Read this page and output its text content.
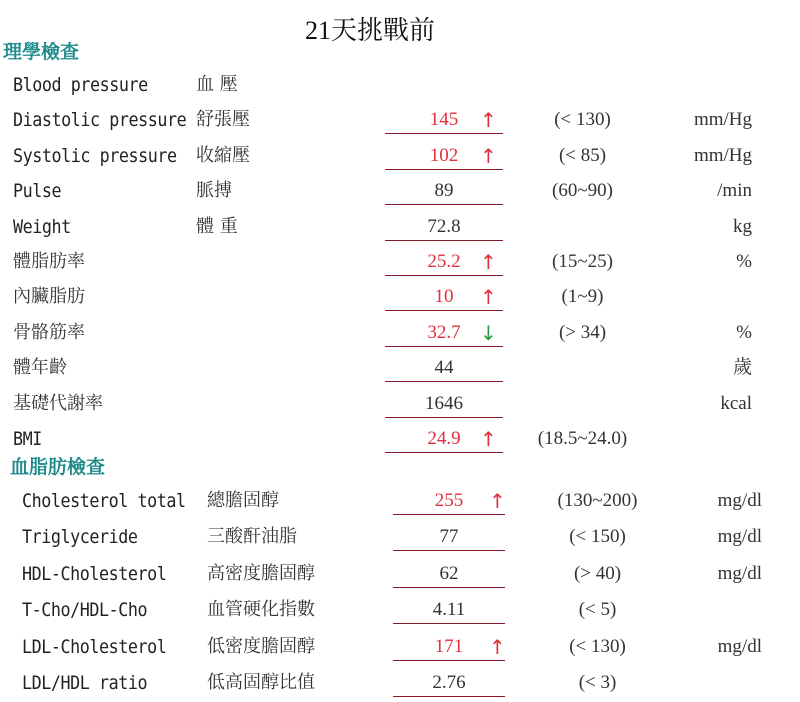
21天挑戰前
理學檢查
Blood pressure	血 壓
Diastolic pressure 舒張壓	145	↑	(< 130)	mm/Hg
Systolic pressure 收縮壓	102	↑	(< 85)	mm/Hg
Pulse	脈搏	89	(60~90)	/min
Weight	體 重	72.8	kg
體脂肪率	25.2 ↑	(15~25)	%
內臟脂肪	10	↑	(1~9)
骨骼筋率	32.7 ↓	(> 34)	%
體年齡	44	歲
基礎代謝率	1646	kcal
BMI	24.9 ↑	(18.5~24.0)
血脂肪檢查
Cholesterol total 總膽固醇	255	↑	(130~200)	mg/dl
Triglyceride	三酸酐油脂	77	(< 150)	mg/dl
HDL-Cholesterol 高密度膽固醇	62	(> 40)	mg/dl
T-Cho/HDL-Cho	血管硬化指數	4.11	(< 5)
LDL-Cholesterol 低密度膽固醇	171	↑	(< 130)	mg/dl
LDL/HDL ratio	低高固醇比值	2.76	(< 3)
